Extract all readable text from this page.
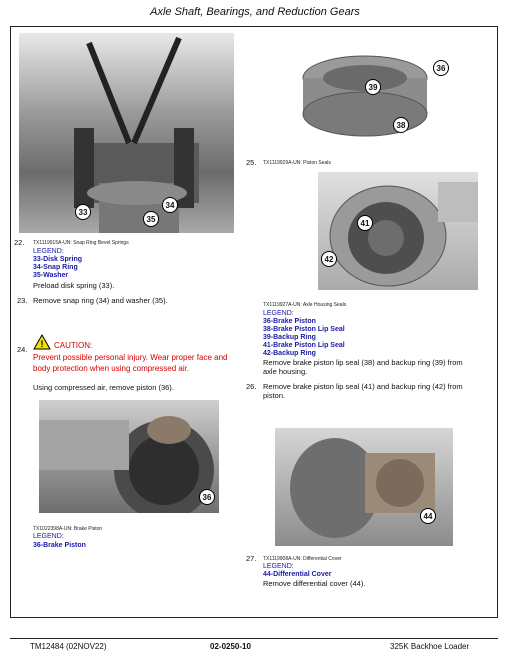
Axle Shaft, Bearings, and Reduction Gears
33
34
35
22. TX1119915A-UN: Snap Ring Bevel Springs
LEGEND:
33-Disk Spring
34-Snap Ring
35-Washer
Preload disk spring (33).
23. Remove snap ring (34) and washer (35).
24.
! CAUTION:
Prevent possible personal injury. Wear proper face and
body protection when using compressed air.
Using compressed air, remove piston (36).
36
TX1022398A-UN: Brake Piston
LEGEND:
36-Brake Piston
36
39
38
25. TX1119929A-UN: Piston Seals
41
42
TX1119927A-UN: Axle Housing Seals
LEGEND:
36-Brake Piston
38-Brake Piston Lip Seal
39-Backup Ring
41-Brake Piston Lip Seal
42-Backup Ring
Remove brake piston lip seal (38) and backup ring (39) from
axle housing.
26. Remove brake piston lip seal (41) and backup ring (42) from
piston.
44
27. TX1119908A-UN: Differential Cover
LEGEND:
44-Differential Cover
Remove differential cover (44).
TM12484 (02NOV22)	02-0250-10	325K Backhoe Loader
